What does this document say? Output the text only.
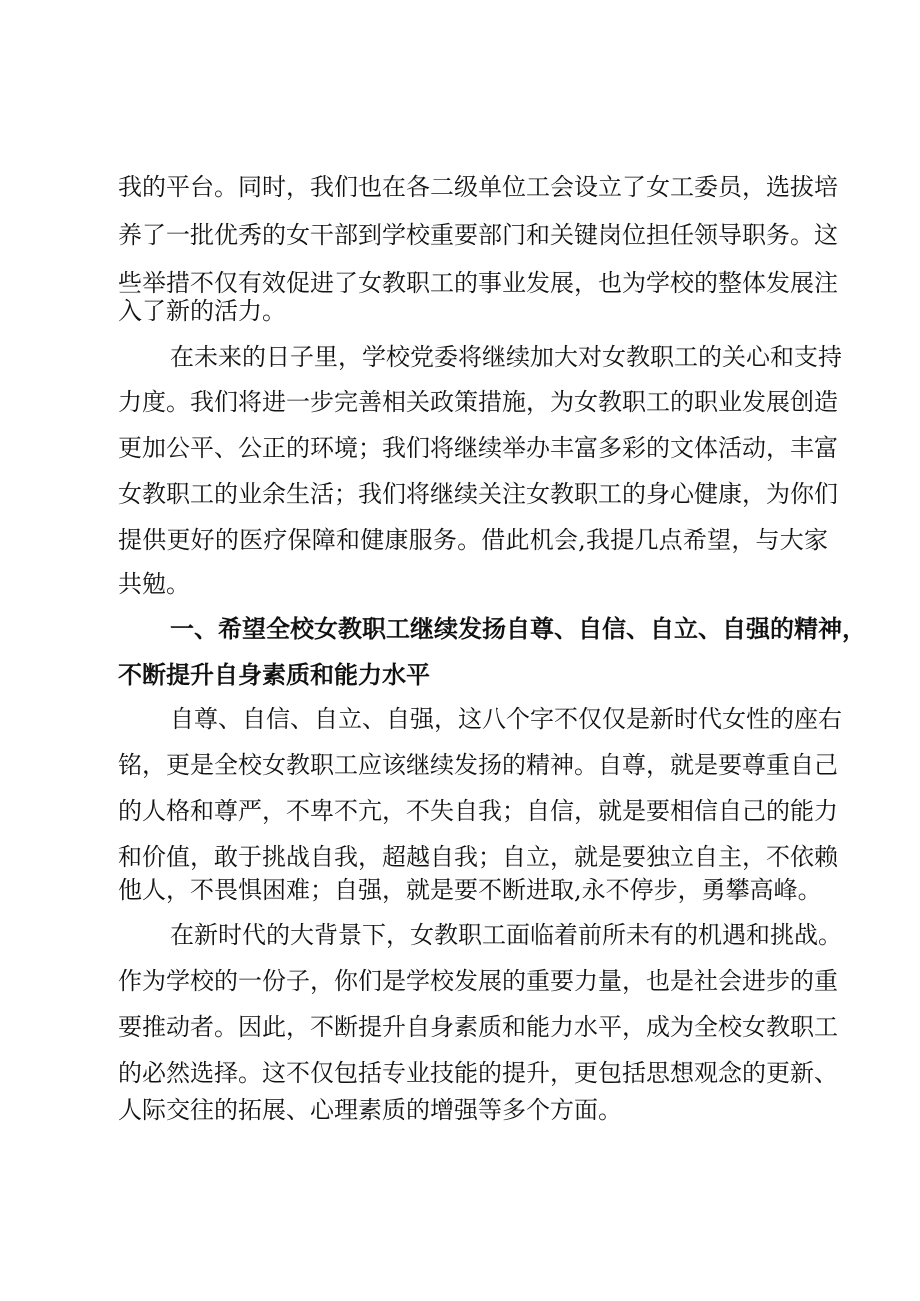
我的平台。同时，我们也在各二级单位工会设立了女工委员，选拔培
养了一批优秀的女干部到学校重要部门和关键岗位担任领导职务。这
些举措不仅有效促进了女教职工的事业发展，也为学校的整体发展注
入了新的活力。
在未来的日子里，学校党委将继续加大对女教职工的关心和支持
力度。我们将进一步完善相关政策措施，为女教职工的职业发展创造
更加公平、公正的环境；我们将继续举办丰富多彩的文体活动，丰富
女教职工的业余生活；我们将继续关注女教职工的身心健康，为你们
提供更好的医疗保障和健康服务。借此机会,我提几点希望，与大家
共勉。
一、希望全校女教职工继续发扬自尊、自信、自立、自强的精神，
不断提升自身素质和能力水平
自尊、自信、自立、自强，这八个字不仅仅是新时代女性的座右
铭，更是全校女教职工应该继续发扬的精神。自尊，就是要尊重自己
的人格和尊严，不卑不亢，不失自我；自信，就是要相信自己的能力
和价值，敢于挑战自我，超越自我；自立，就是要独立自主，不依赖
他人，不畏惧困难；自强，就是要不断进取,永不停步，勇攀高峰。
在新时代的大背景下，女教职工面临着前所未有的机遇和挑战。
作为学校的一份子，你们是学校发展的重要力量，也是社会进步的重
要推动者。因此，不断提升自身素质和能力水平，成为全校女教职工
的必然选择。这不仅包括专业技能的提升，更包括思想观念的更新、
人际交往的拓展、心理素质的增强等多个方面。
